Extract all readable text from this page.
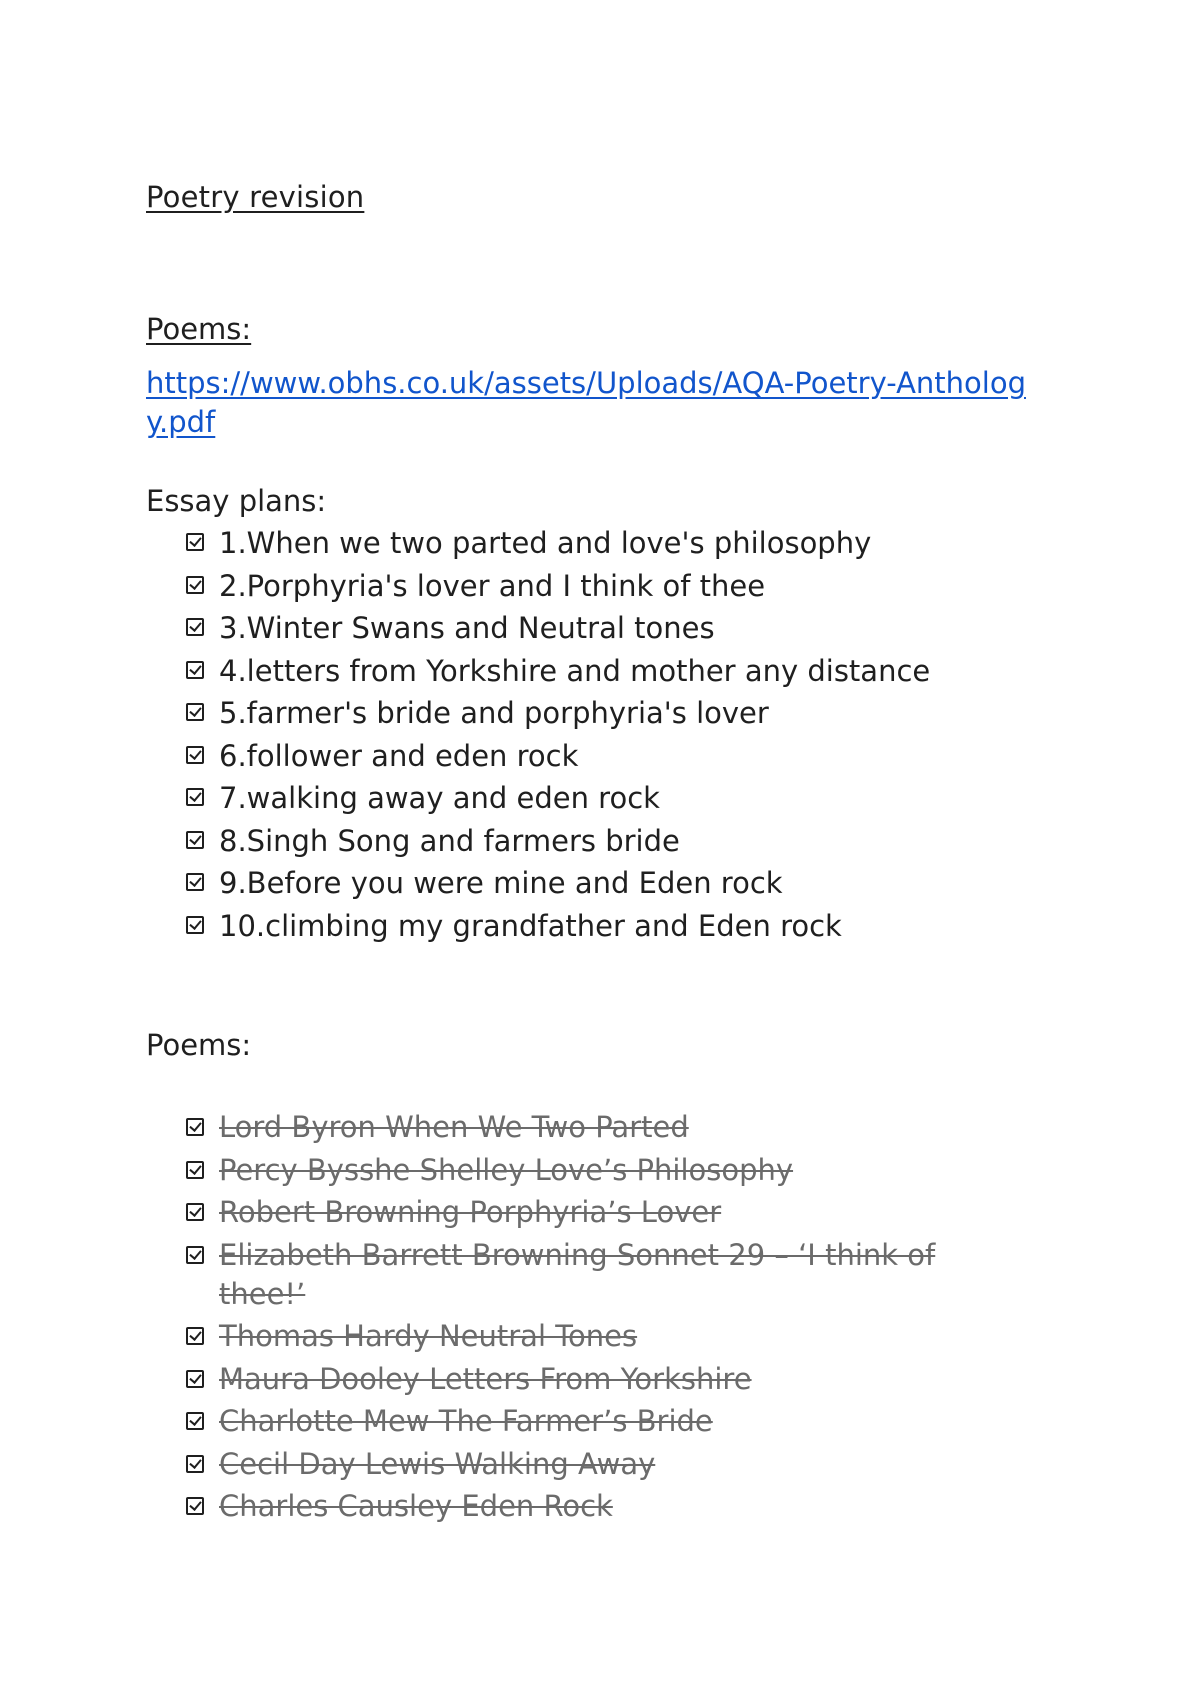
Poetry revision
Poems:
https://www.obhs.co.uk/assets/Uploads/AQA-Poetry-Anthology.pdf
Essay plans:
1.When we two parted and love's philosophy
2.Porphyria's lover and I think of thee
3.Winter Swans and Neutral tones
4.letters from Yorkshire and mother any distance
5.farmer's bride and porphyria's lover
6.follower and eden rock
7.walking away and eden rock
8.Singh Song and farmers bride
9.Before you were mine and Eden rock
10.climbing my grandfather and Eden rock
Poems:
Lord Byron When We Two Parted
Percy Bysshe Shelley Love’s Philosophy
Robert Browning Porphyria’s Lover
Elizabeth Barrett Browning Sonnet 29 – ‘I think of thee!’
Thomas Hardy Neutral Tones
Maura Dooley Letters From Yorkshire
Charlotte Mew The Farmer’s Bride
Cecil Day Lewis Walking Away
Charles Causley Eden Rock
